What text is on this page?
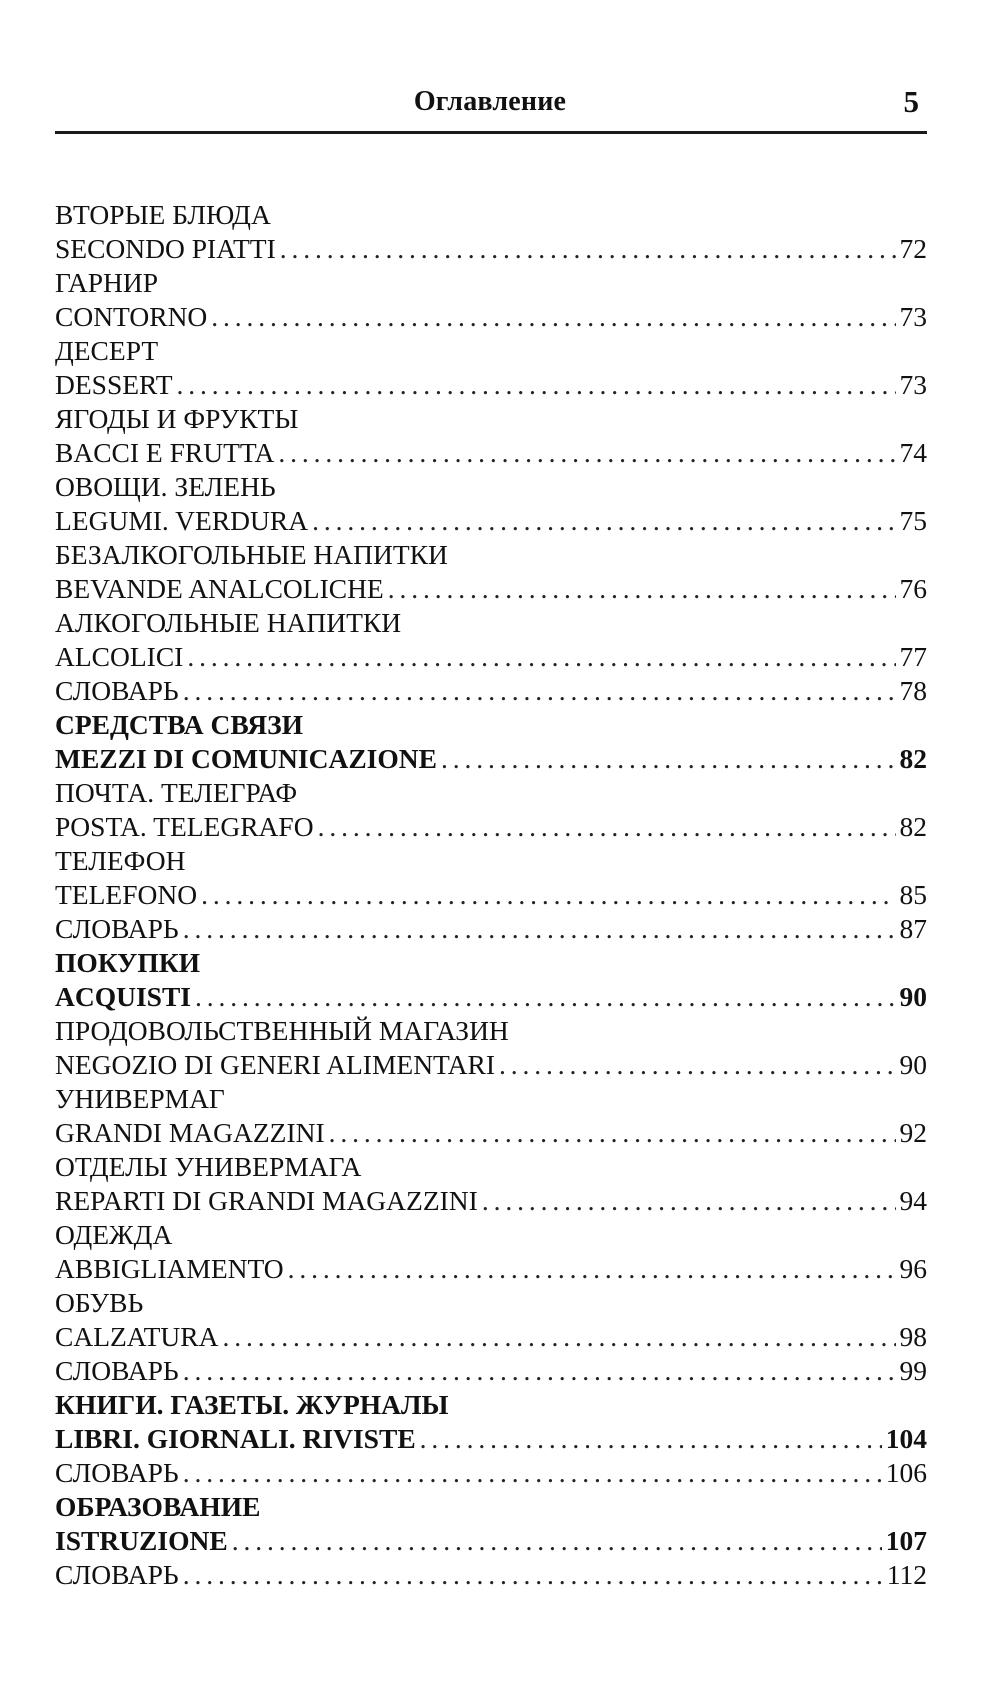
Оглавление	5
ВТОРЫЕ БЛЮДА
SECONDO PIATTI . . .	72
ГАРНИР
CONTORNO . . .	73
ДЕСЕРТ
DESSERT . . .	73
ЯГОДЫ И ФРУКТЫ
BACCI E FRUTTA . . .	74
ОВОЩИ. ЗЕЛЕНЬ
LEGUMI. VERDURA . . .	75
БЕЗАЛКОГОЛЬНЫЕ НАПИТКИ
BEVANDE ANALCOLICHE . . .	76
АЛКОГОЛЬНЫЕ НАПИТКИ
ALCOLICI . . .	77
СЛОВАРЬ . . .	78
СРЕДСТВА СВЯЗИ
MEZZI DI COMUNICAZIONE . . .	82
ПОЧТА. ТЕЛЕГРАФ
POSTA. TELEGRAFO . . .	82
ТЕЛЕФОН
TELEFONO . . .	85
СЛОВАРЬ . . .	87
ПОКУПКИ
ACQUISTI . . .	90
ПРОДОВОЛЬСТВЕННЫЙ МАГАЗИН
NEGOZIO DI GENERI ALIMENTARI . . .	90
УНИВЕРМАГ
GRANDI MAGAZZINI . . .	92
ОТДЕЛЫ УНИВЕРМАГА
REPARTI DI GRANDI MAGAZZINI . . .	94
ОДЕЖДА
ABBIGLIAMENTO . . .	96
ОБУВЬ
CALZATURA . . .	98
СЛОВАРЬ . . .	99
КНИГИ. ГАЗЕТЫ. ЖУРНАЛЫ
LIBRI. GIORNALI. RIVISTE . . .	104
СЛОВАРЬ . . .	106
ОБРАЗОВАНИЕ
ISTRUZIONE . . .	107
СЛОВАРЬ . . .	112
